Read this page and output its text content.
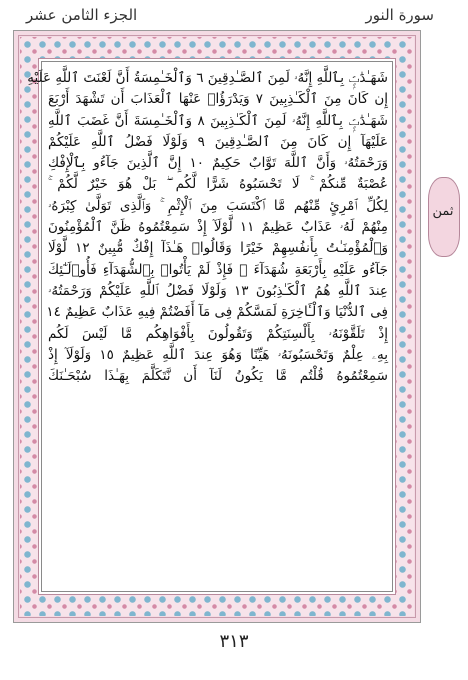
سورة النور
الجزء الثامن عشر
شَهَـٰدَٰتٍۭ بِٱللَّهِ إِنَّهُۥ لَمِنَ ٱلصَّـٰدِقِينَ ٦ وَٱلْخَـٰمِسَةُ أَنَّ لَعْنَتَ ٱللَّهِ عَلَيْهِ
إِن كَانَ مِنَ ٱلْكَـٰذِبِينَ ٧ وَيَدْرَؤُا۟ عَنْهَا ٱلْعَذَابَ أَن تَشْهَدَ أَرْبَعَ
شَهَـٰدَٰتٍۭ بِٱللَّهِ إِنَّهُۥ لَمِنَ ٱلْكَـٰذِبِينَ ٨ وَٱلْخَـٰمِسَةَ أَنَّ غَضَبَ ٱللَّهِ
عَلَيْهَآ إِن كَانَ مِنَ ٱلصَّـٰدِقِينَ ٩ وَلَوْلَا فَضْلُ ٱللَّهِ عَلَيْكُمْ
وَرَحْمَتُهُۥ وَأَنَّ ٱللَّهَ تَوَّابٌ حَكِيمٌ ١٠ إِنَّ ٱلَّذِينَ جَآءُو بِٱلْإِفْكِ
عُصْبَةٌ مِّنكُمْ ۚ لَا تَحْسَبُوهُ شَرًّا لَّكُم ۖ بَلْ هُوَ خَيْرٌ لَّكُمْ ۚ
لِكُلِّ ٱمْرِئٍ مِّنْهُم مَّا ٱكْتَسَبَ مِنَ ٱلْإِثْمِ ۚ وَٱلَّذِى تَوَلَّىٰ كِبْرَهُۥ
مِنْهُمْ لَهُۥ عَذَابٌ عَظِيمٌ ١١ لَّوْلَآ إِذْ سَمِعْتُمُوهُ ظَنَّ ٱلْمُؤْمِنُونَ
وَٱلْمُؤْمِنَـٰتُ بِأَنفُسِهِمْ خَيْرًا وَقَالُوا۟ هَـٰذَآ إِفْكٌ مُّبِينٌ ١٢ لَّوْلَا
جَآءُو عَلَيْهِ بِأَرْبَعَةِ شُهَدَآءَ ۚ فَإِذْ لَمْ يَأْتُوا۟ بِٱلشُّهَدَآءِ فَأُو۟لَـٰٓئِكَ
عِندَ ٱللَّهِ هُمُ ٱلْكَـٰذِبُونَ ١٣ وَلَوْلَا فَضْلُ ٱللَّهِ عَلَيْكُمْ وَرَحْمَتُهُۥ
فِى ٱلدُّنْيَا وَٱلْـَٔاخِرَةِ لَمَسَّكُمْ فِى مَآ أَفَضْتُمْ فِيهِ عَذَابٌ عَظِيمٌ ١٤
إِذْ تَلَقَّوْنَهُۥ بِأَلْسِنَتِكُمْ وَتَقُولُونَ بِأَفْوَاهِكُم مَّا لَيْسَ لَكُم
بِهِۦ عِلْمٌ وَتَحْسَبُونَهُۥ هَيِّنًا وَهُوَ عِندَ ٱللَّهِ عَظِيمٌ ١٥ وَلَوْلَآ إِذْ
سَمِعْتُمُوهُ قُلْتُم مَّا يَكُونُ لَنَآ أَن نَّتَكَلَّمَ بِهَـٰذَا سُبْحَـٰنَكَ
ثمن
٣١٣
